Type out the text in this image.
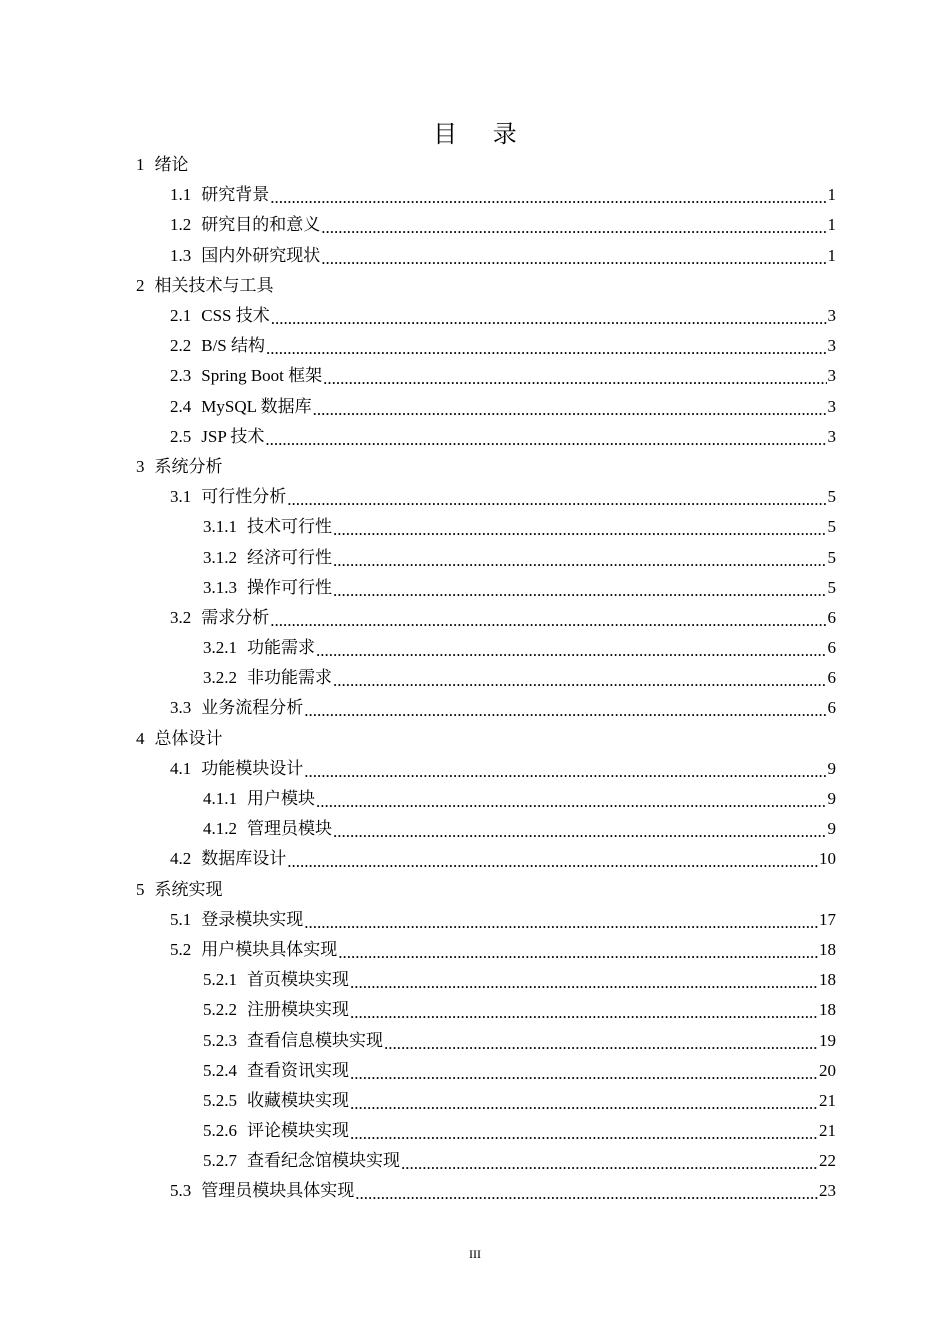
目 录
1 绪论
1.1 研究背景 .....	1
1.2 研究目的和意义 .....	1
1.3 国内外研究现状 .....	1
2 相关技术与工具
2.1 CSS 技术 .....	3
2.2 B/S 结构 .....	3
2.3 Spring Boot 框架 .....	3
2.4 MySQL 数据库 .....	3
2.5 JSP 技术 .....	3
3 系统分析
3.1 可行性分析 .....	5
3.1.1 技术可行性 .....	5
3.1.2 经济可行性 .....	5
3.1.3 操作可行性 .....	5
3.2 需求分析 .....	6
3.2.1 功能需求 .....	6
3.2.2 非功能需求 .....	6
3.3 业务流程分析 .....	6
4 总体设计
4.1 功能模块设计 .....	9
4.1.1 用户模块 .....	9
4.1.2 管理员模块 .....	9
4.2 数据库设计 .....	10
5 系统实现
5.1 登录模块实现 .....	17
5.2 用户模块具体实现 .....	18
5.2.1 首页模块实现 .....	18
5.2.2 注册模块实现 .....	18
5.2.3 查看信息模块实现 .....	19
5.2.4 查看资讯实现 .....	20
5.2.5 收藏模块实现 .....	21
5.2.6 评论模块实现 .....	21
5.2.7 查看纪念馆模块实现 .....	22
5.3 管理员模块具体实现 .....	23
III
